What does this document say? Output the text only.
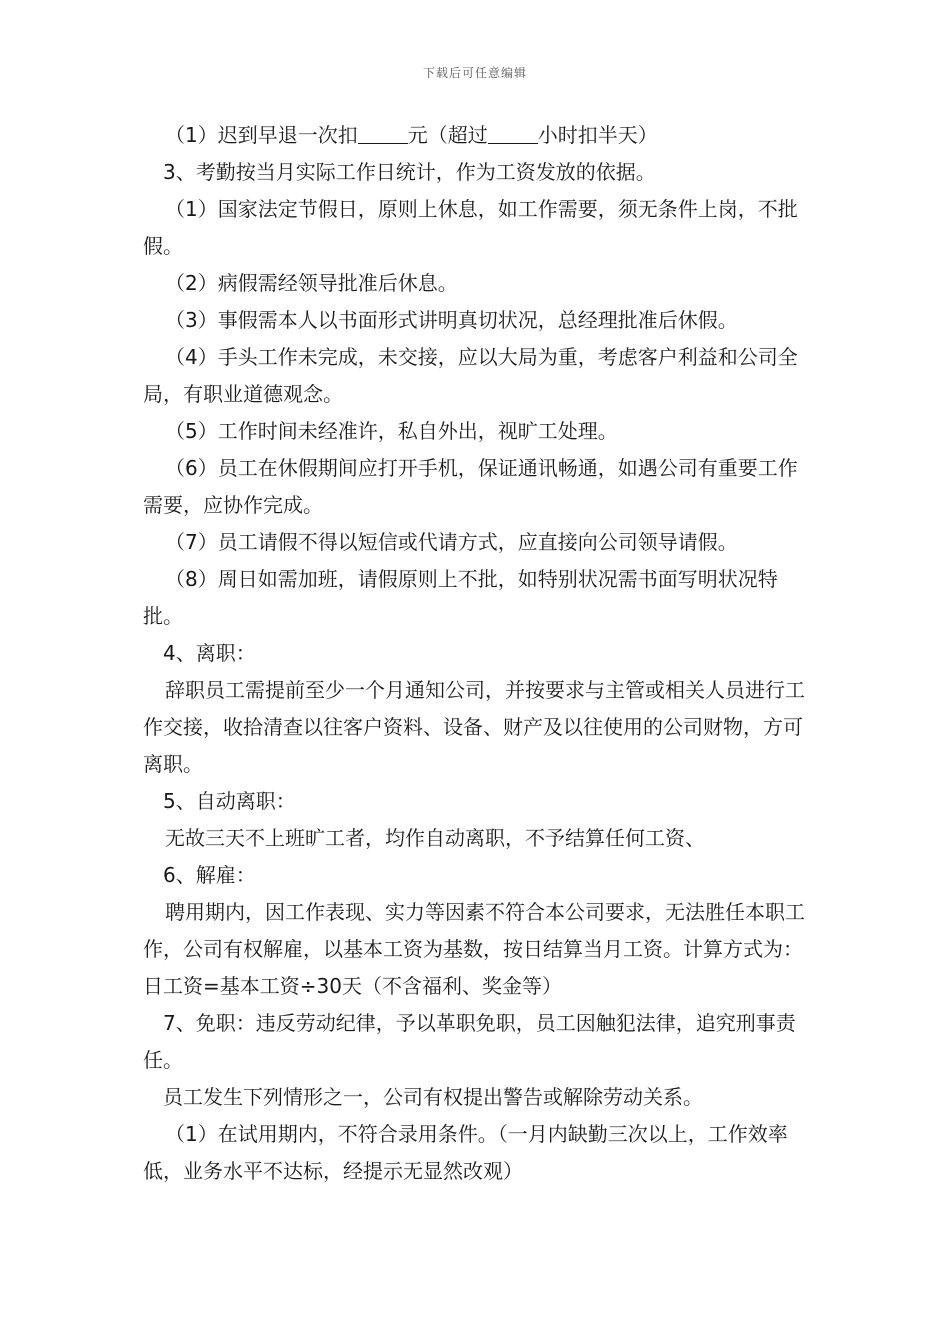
下载后可任意编辑

（1）迟到早退一次扣	元（超过	小时扣半天）

3、考勤按当月实际工作日统计，作为工资发放的依据。

（1）国家法定节假日，原则上休息，如工作需要，须无条件上岗，不批假。

（2）病假需经领导批准后休息。

（3）事假需本人以书面形式讲明真切状况，总经理批准后休假。

（4）手头工作未完成，未交接，应以大局为重，考虑客户利益和公司全局，有职业道德观念。

（5）工作时间未经准许，私自外出，视旷工处理。

（6）员工在休假期间应打开手机，保证通讯畅通，如遇公司有重要工作需要，应协作完成。

（7）员工请假不得以短信或代请方式，应直接向公司领导请假。

（8）周日如需加班，请假原则上不批，如特别状况需书面写明状况特批。

4、离职：

辞职员工需提前至少一个月通知公司，并按要求与主管或相关人员进行工作交接，收拾清查以往客户资料、设备、财产及以往使用的公司财物，方可离职。

5、自动离职：

无故三天不上班旷工者，均作自动离职，不予结算任何工资、

6、解雇：

聘用期内，因工作表现、实力等因素不符合本公司要求，无法胜任本职工作，公司有权解雇，以基本工资为基数，按日结算当月工资。计算方式为：日工资=基本工资÷30天（不含福利、奖金等）

7、免职：违反劳动纪律，予以革职免职，员工因触犯法律，追究刑事责任。

员工发生下列情形之一，公司有权提出警告或解除劳动关系。

（1）在试用期内，不符合录用条件。（一月内缺勤三次以上，工作效率低，业务水平不达标，经提示无显然改观）
